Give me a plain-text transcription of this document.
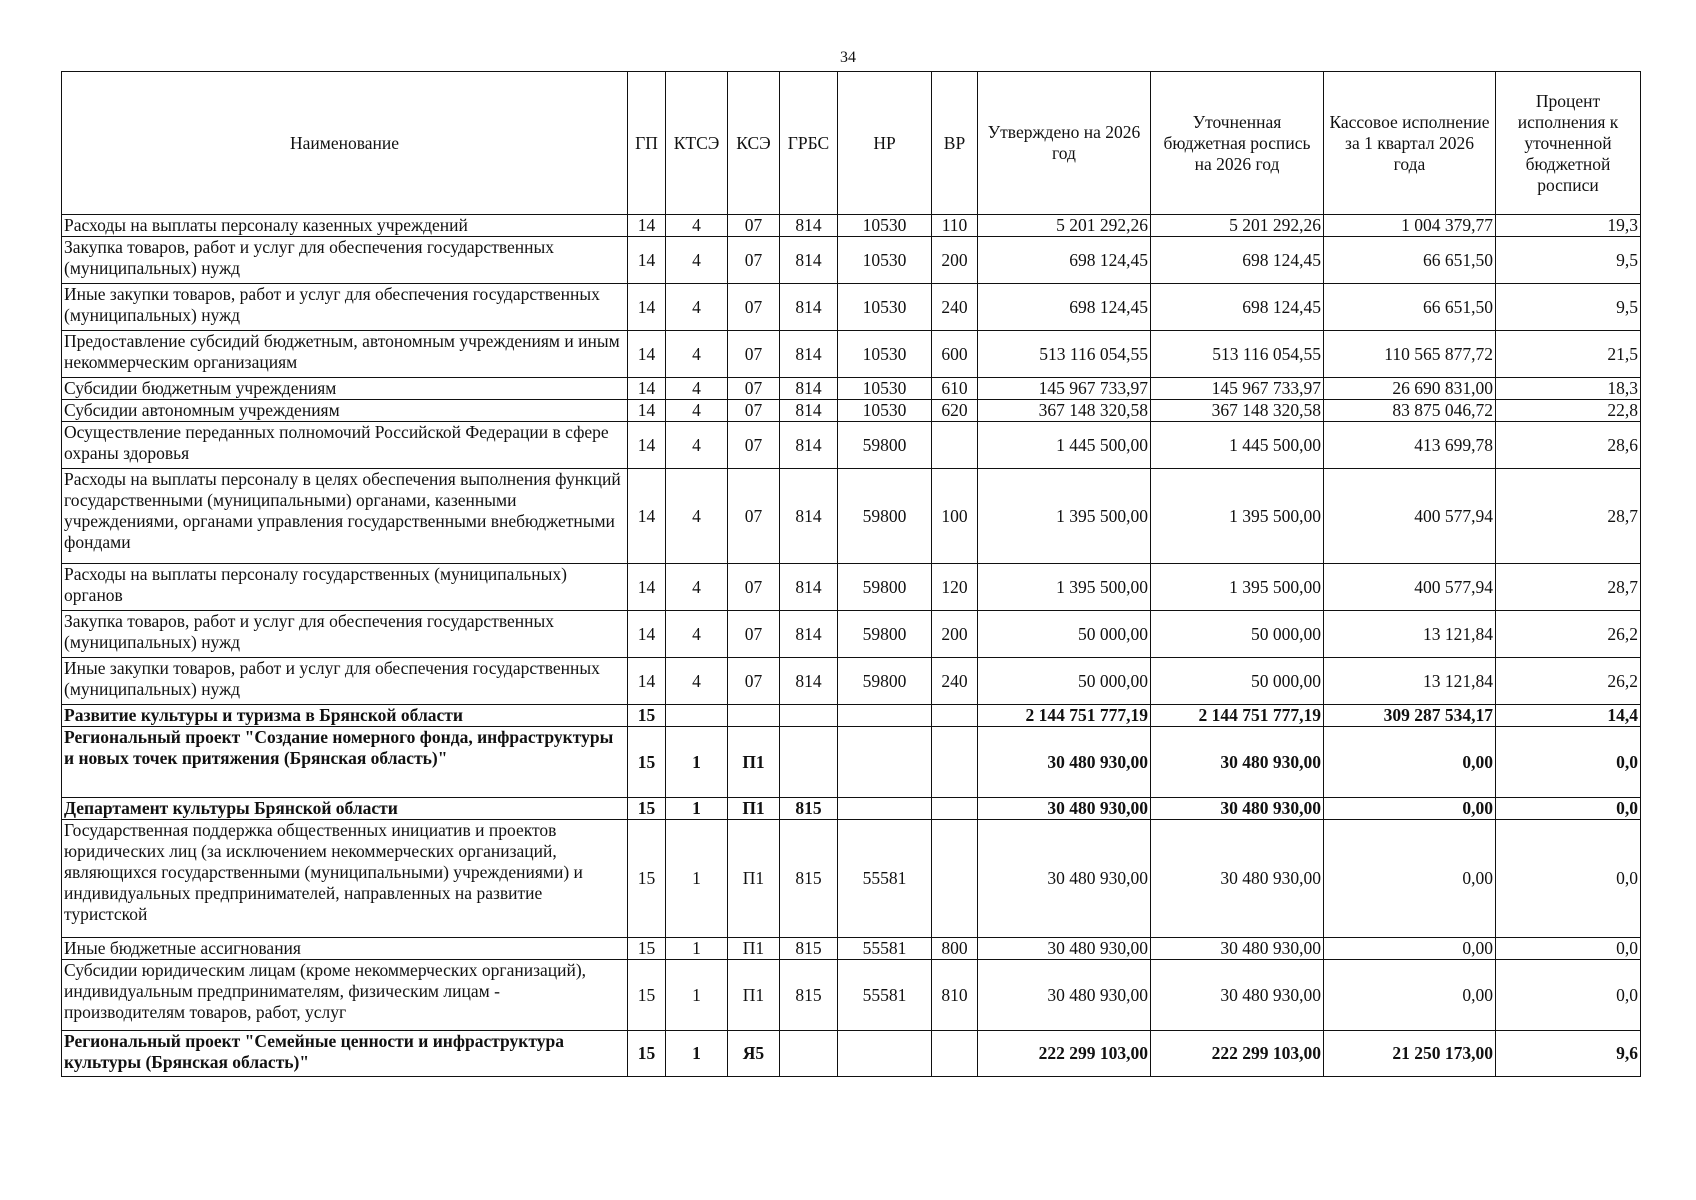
34
Наименование	ГП	КТСЭ	КСЭ	ГРБС	НР	ВР	Утверждено на 2026 год	Уточненная бюджетная роспись на 2026 год	Кассовое исполнение за 1 квартал 2026 года	Процент исполнения к уточненной бюджетной росписи
Расходы на выплаты персоналу казенных учреждений	14	4	07	814	10530	110	5 201 292,26	5 201 292,26	1 004 379,77	19,3
Закупка товаров, работ и услуг для обеспечения государственных (муниципальных) нужд	14	4	07	814	10530	200	698 124,45	698 124,45	66 651,50	9,5
Иные закупки товаров, работ и услуг для обеспечения государственных (муниципальных) нужд	14	4	07	814	10530	240	698 124,45	698 124,45	66 651,50	9,5
Предоставление субсидий бюджетным, автономным учреждениям и иным некоммерческим организациям	14	4	07	814	10530	600	513 116 054,55	513 116 054,55	110 565 877,72	21,5
Субсидии бюджетным учреждениям	14	4	07	814	10530	610	145 967 733,97	145 967 733,97	26 690 831,00	18,3
Субсидии автономным учреждениям	14	4	07	814	10530	620	367 148 320,58	367 148 320,58	83 875 046,72	22,8
Осуществление переданных полномочий Российской Федерации в сфере охраны здоровья	14	4	07	814	59800		1 445 500,00	1 445 500,00	413 699,78	28,6
Расходы на выплаты персоналу в целях обеспечения выполнения функций государственными (муниципальными) органами, казенными учреждениями, органами управления государственными внебюджетными фондами	14	4	07	814	59800	100	1 395 500,00	1 395 500,00	400 577,94	28,7
Расходы на выплаты персоналу государственных (муниципальных) органов	14	4	07	814	59800	120	1 395 500,00	1 395 500,00	400 577,94	28,7
Закупка товаров, работ и услуг для обеспечения государственных (муниципальных) нужд	14	4	07	814	59800	200	50 000,00	50 000,00	13 121,84	26,2
Иные закупки товаров, работ и услуг для обеспечения государственных (муниципальных) нужд	14	4	07	814	59800	240	50 000,00	50 000,00	13 121,84	26,2
Развитие культуры и туризма в Брянской области	15						2 144 751 777,19	2 144 751 777,19	309 287 534,17	14,4
Региональный проект "Создание номерного фонда, инфраструктуры и новых точек притяжения (Брянская область)"	15	1	П1				30 480 930,00	30 480 930,00	0,00	0,0
Департамент культуры Брянской области	15	1	П1	815			30 480 930,00	30 480 930,00	0,00	0,0
Государственная поддержка общественных инициатив и проектов юридических лиц (за исключением некоммерческих организаций, являющихся государственными (муниципальными) учреждениями) и индивидуальных предпринимателей, направленных на развитие туристской	15	1	П1	815	55581		30 480 930,00	30 480 930,00	0,00	0,0
Иные бюджетные ассигнования	15	1	П1	815	55581	800	30 480 930,00	30 480 930,00	0,00	0,0
Субсидии юридическим лицам (кроме некоммерческих организаций), индивидуальным предпринимателям, физическим лицам - производителям товаров, работ, услуг	15	1	П1	815	55581	810	30 480 930,00	30 480 930,00	0,00	0,0
Региональный проект "Семейные ценности и инфраструктура культуры (Брянская область)"	15	1	Я5				222 299 103,00	222 299 103,00	21 250 173,00	9,6
